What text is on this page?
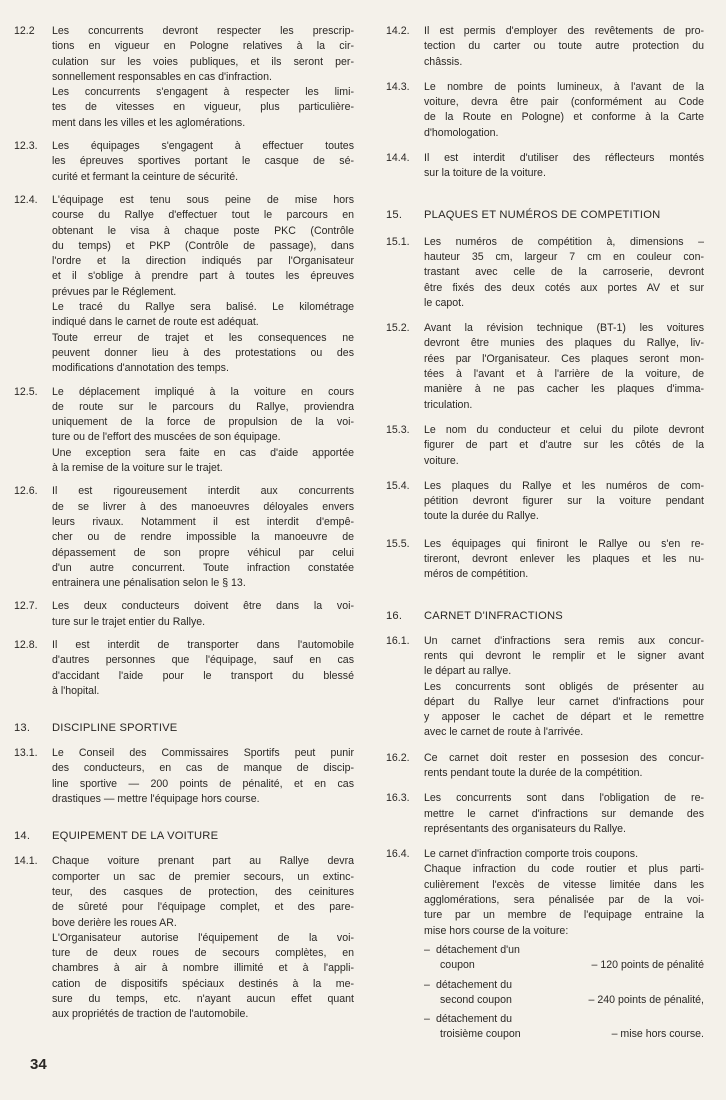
12.2	Les concurrents devront respecter les prescrip-
tions en vigueur en Pologne relatives à la cir-
culation sur les voies publiques, et ils seront per-
sonnellement responsables en cas d'infraction.
Les concurrents s'engagent à respecter les limi-
tes de vitesses en vigueur, plus particulière-
ment dans les villes et les aglomérations.
12.3.	Les équipages s'engagent à effectuer toutes
les épreuves sportives portant le casque de sé-
curité et fermant la ceinture de sécurité.
12.4.	L'équipage est tenu sous peine de mise hors
course du Rallye d'effectuer tout le parcours en
obtenant le visa à chaque poste PKC (Contrôle
du temps) et PKP (Contrôle de passage), dans
l'ordre et la direction indiqués par l'Organisateur
et il s'oblige à prendre part à toutes les épreuves
prévues par le Réglement.
Le tracé du Rallye sera balisé. Le kilométrage
indiqué dans le carnet de route est adéquat.
Toute erreur de trajet et les consequences ne
peuvent donner lieu à des protestations ou des
modifications d'annotation des temps.
12.5.	Le déplacement impliqué à la voiture en cours
de route sur le parcours du Rallye, proviendra
uniquement de la force de propulsion de la voi-
ture ou de l'effort des muscées de son équipage.
Une exception sera faite en cas d'aide apportée
à la remise de la voiture sur le trajet.
12.6.	Il est rigoureusement interdit aux concurrents
de se livrer à des manoeuvres déloyales envers
leurs rivaux. Notamment il est interdit d'empê-
cher ou de rendre impossible la manoeuvre de
dépassement de son propre véhicul par celui
d'un autre concurrent. Toute infraction constatée
entrainera une pénalisation selon le § 13.
12.7.	Les deux conducteurs doivent être dans la voi-
ture sur le trajet entier du Rallye.
12.8.	Il est interdit de transporter dans l'automobile
d'autres personnes que l'équipage, sauf en cas
d'accidant l'aide pour le transport du blessé
à l'hopital.
13.	DISCIPLINE SPORTIVE
13.1.	Le Conseil des Commissaires Sportifs peut punir
des conducteurs, en cas de manque de discip-
line sportive — 200 points de pénalité, et en cas
drastiques — mettre l'équipage hors course.
14.	EQUIPEMENT DE LA VOITURE
14.1.	Chaque voiture prenant part au Rallye devra
comporter un sac de premier secours, un extinc-
teur, des casques de protection, des ceinitures
de sûreté pour l'équipage complet, et des pare-
bove derière les roues AR.
L'Organisateur autorise l'équipement de la voi-
ture de deux roues de secours complètes, en
chambres à air à nombre illimité et à l'appli-
cation de dispositifs spéciaux destinés à la me-
sure du temps, etc. n'ayant aucun effet quant
aux propriétés de traction de l'automobile.
14.2.	Il est permis d'employer des revêtements de pro-
tection du carter ou toute autre protection du
châssis.
14.3.	Le nombre de points lumineux, à l'avant de la
voiture, devra être pair (conformément au Code
de la Route en Pologne) et conforme à la Carte
d'homologation.
14.4.	Il est interdit d'utiliser des réflecteurs montés
sur la toiture de la voiture.
15.	PLAQUES ET NUMÉROS DE COMPETITION
15.1.	Les numéros de compétition à, dimensions –
hauteur 35 cm, largeur 7 cm en couleur con-
trastant avec celle de la carroserie, devront
être fixés des deux cotés aux portes AV et sur
le capot.
15.2.	Avant la révision technique (BT-1) les voitures
devront être munies des plaques du Rallye, liv-
rées par l'Organisateur. Ces plaques seront mon-
tées à l'avant et à l'arrière de la voiture, de
manière à ne pas cacher les plaques d'imma-
triculation.
15.3.	Le nom du conducteur et celui du pilote devront
figurer de part et d'autre sur les côtés de la
voiture.
15.4.	Les plaques du Rallye et les numéros de com-
pétition devront figurer sur la voiture pendant
toute la durée du Rallye.
15.5.	Les équipages qui finiront le Rallye ou s'en re-
tireront, devront enlever les plaques et les nu-
méros de compétition.
16.	CARNET D'INFRACTIONS
16.1.	Un carnet d'infractions sera remis aux concur-
rents qui devront le remplir et le signer avant
le départ au rallye.
Les concurrents sont obligés de présenter au
départ du Rallye leur carnet d'infractions pour
y apposer le cachet de départ et le remettre
avec le carnet de route à l'arrivée.
16.2.	Ce carnet doit rester en possesion des concur-
rents pendant toute la durée de la compétition.
16.3.	Les concurrents sont dans l'obligation de re-
mettre le carnet d'infractions sur demande des
représentants des organisateurs du Rallye.
16.4.	Le carnet d'infraction comporte trois coupons.
Chaque infraction du code routier et plus parti-
culièrement l'excès de vitesse limitée dans les
agglomérations, sera pénalisée par de la voi-
ture par un membre de l'equipage entraine la
mise hors course de la voiture:
– détachement d'un
coupon	– 120 points de pénalité
– détachement du
second coupon	– 240 points de pénalité,
– détachement du
troisième coupon	– mise hors course.
34
